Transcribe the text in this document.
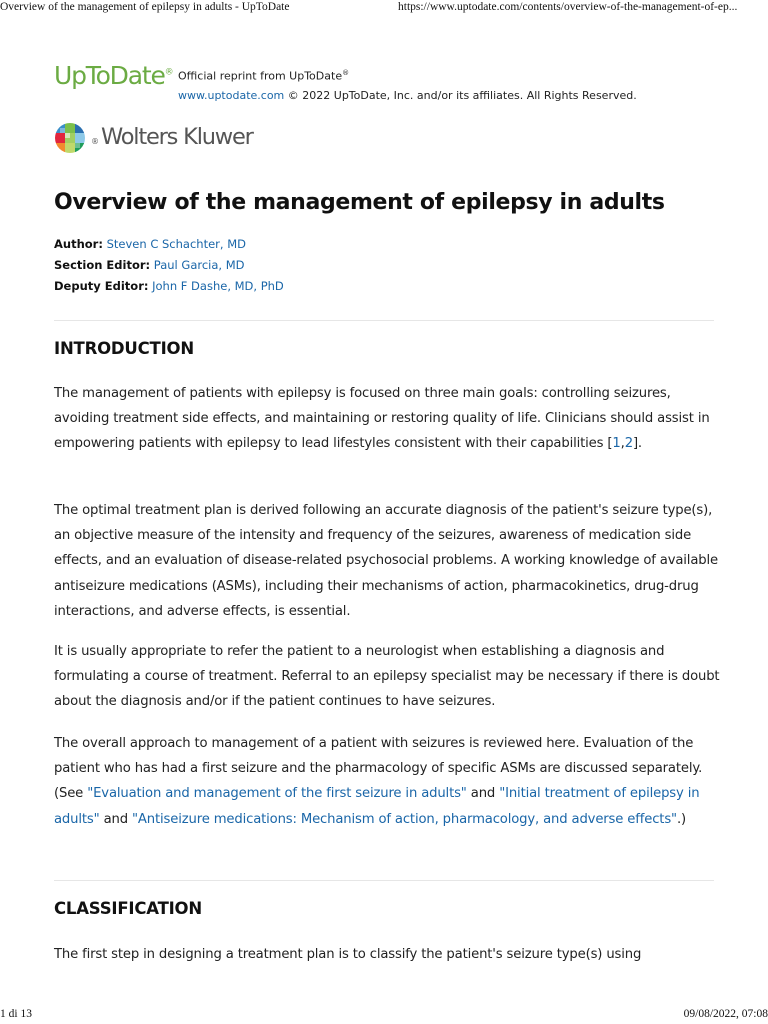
Overview of the management of epilepsy in adults - UpToDate	https://www.uptodate.com/contents/overview-of-the-management-of-ep...
UpToDate® Official reprint from UpToDate®
www.uptodate.com © 2022 UpToDate, Inc. and/or its affiliates. All Rights Reserved.
®Wolters Kluwer
Overview of the management of epilepsy in adults
Author: Steven C Schachter, MD
Section Editor: Paul Garcia, MD
Deputy Editor: John F Dashe, MD, PhD
INTRODUCTION

The management of patients with epilepsy is focused on three main goals: controlling seizures, avoiding treatment side effects, and maintaining or restoring quality of life. Clinicians should assist in empowering patients with epilepsy to lead lifestyles consistent with their capabilities [1,2].

The optimal treatment plan is derived following an accurate diagnosis of the patient's seizure type(s), an objective measure of the intensity and frequency of the seizures, awareness of medication side effects, and an evaluation of disease-related psychosocial problems. A working knowledge of available antiseizure medications (ASMs), including their mechanisms of action, pharmacokinetics, drug-drug interactions, and adverse effects, is essential.

It is usually appropriate to refer the patient to a neurologist when establishing a diagnosis and formulating a course of treatment. Referral to an epilepsy specialist may be necessary if there is doubt about the diagnosis and/or if the patient continues to have seizures.

The overall approach to management of a patient with seizures is reviewed here. Evaluation of the patient who has had a first seizure and the pharmacology of specific ASMs are discussed separately. (See "Evaluation and management of the first seizure in adults" and "Initial treatment of epilepsy in adults" and "Antiseizure medications: Mechanism of action, pharmacology, and adverse effects".)

CLASSIFICATION

The first step in designing a treatment plan is to classify the patient's seizure type(s) using

1 di 13	09/08/2022, 07:08
